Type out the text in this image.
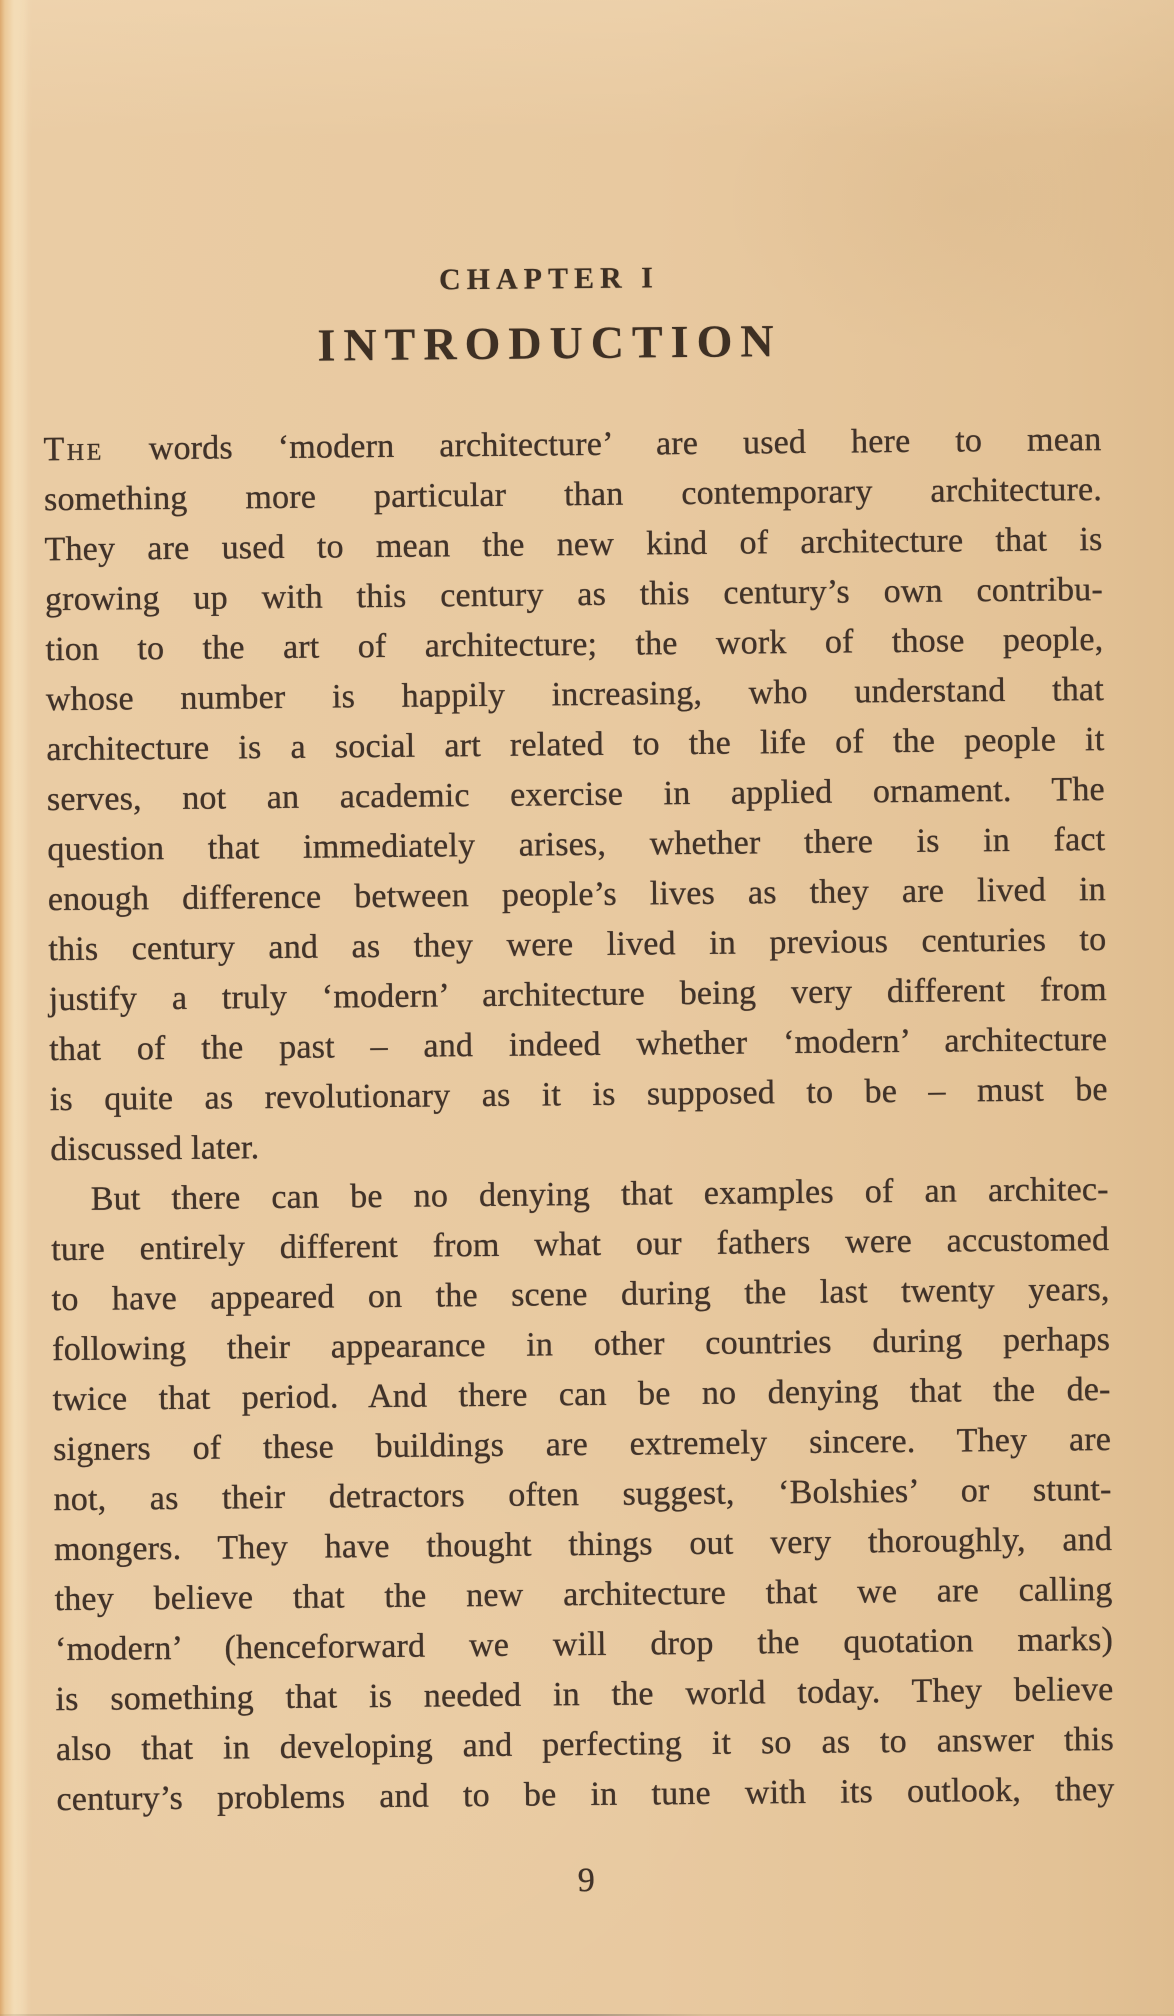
CHAPTER I
INTRODUCTION
The words ‘modern architecture’ are used here to mean
something more particular than contemporary architecture.
They are used to mean the new kind of architecture that is
growing up with this century as this century’s own contribu-
tion to the art of architecture; the work of those people,
whose number is happily increasing, who understand that
architecture is a social art related to the life of the people it
serves, not an academic exercise in applied ornament. The
question that immediately arises, whether there is in fact
enough difference between people’s lives as they are lived in
this century and as they were lived in previous centuries to
justify a truly ‘modern’ architecture being very different from
that of the past – and indeed whether ‘modern’ architecture
is quite as revolutionary as it is supposed to be – must be
discussed later.
But there can be no denying that examples of an architec-
ture entirely different from what our fathers were accustomed
to have appeared on the scene during the last twenty years,
following their appearance in other countries during perhaps
twice that period. And there can be no denying that the de-
signers of these buildings are extremely sincere. They are
not, as their detractors often suggest, ‘Bolshies’ or stunt-
mongers. They have thought things out very thoroughly, and
they believe that the new architecture that we are calling
‘modern’ (henceforward we will drop the quotation marks)
is something that is needed in the world today. They believe
also that in developing and perfecting it so as to answer this
century’s problems and to be in tune with its outlook, they
9
